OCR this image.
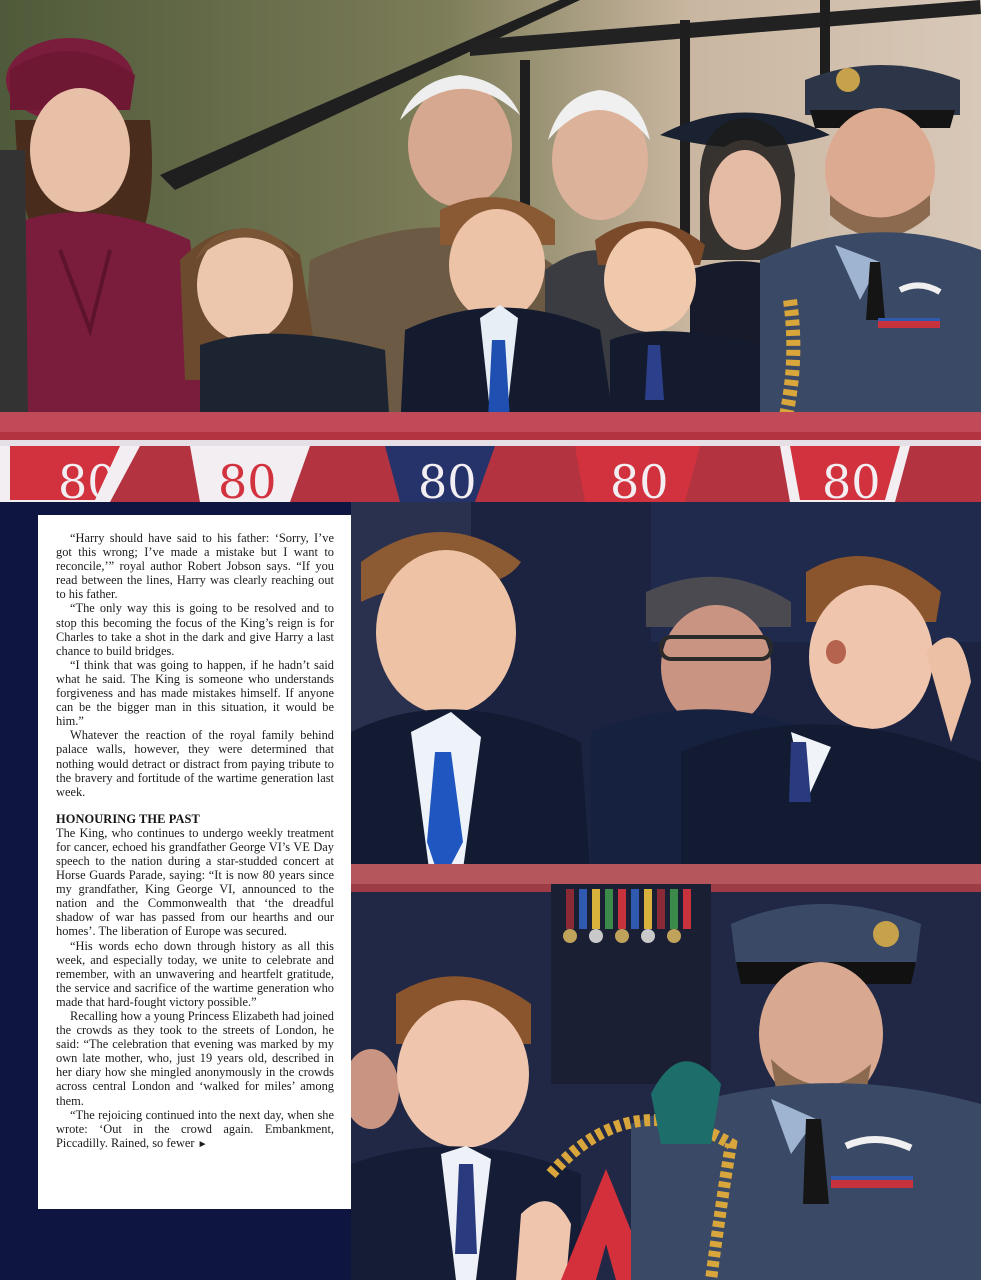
80 80	80	80	80

“Harry should have said to his father: ‘Sorry, I’ve got this wrong; I’ve made a mistake but I want to reconcile,’” royal author Robert Jobson says. “If you read between the lines, Harry was clearly reaching out to his father.

“The only way this is going to be resolved and to stop this becoming the focus of the King’s reign is for Charles to take a shot in the dark and give Harry a last chance to build bridges.

“I think that was going to happen, if he hadn’t said what he said. The King is someone who understands forgiveness and has made mistakes himself. If anyone can be the bigger man in this situation, it would be him.”

Whatever the reaction of the royal family behind palace walls, however, they were determined that nothing would detract or distract from paying tribute to the bravery and fortitude of the wartime generation last week.

HONOURING THE PAST

The King, who continues to undergo weekly treatment for cancer, echoed his grandfather George VI’s VE Day speech to the nation during a star-studded concert at Horse Guards Parade, saying: “It is now 80 years since my grandfather, King George VI, announced to the nation and the Commonwealth that ‘the dreadful shadow of war has passed from our hearths and our homes’. The liberation of Europe was secured.

“His words echo down through history as all this week, and especially today, we unite to celebrate and remember, with an unwavering and heartfelt gratitude, the service and sacrifice of the wartime generation who made that hard-fought victory possible.”

Recalling how a young Princess Elizabeth had joined the crowds as they took to the streets of London, he said: “The celebration that evening was marked by my own late mother, who, just 19 years old, described in her diary how she mingled anonymously in the crowds across central London and ‘walked for miles’ among them.

“The rejoicing continued into the next day, when she wrote: ‘Out in the crowd again. Embankment, Piccadilly. Rained, so fewer ►
